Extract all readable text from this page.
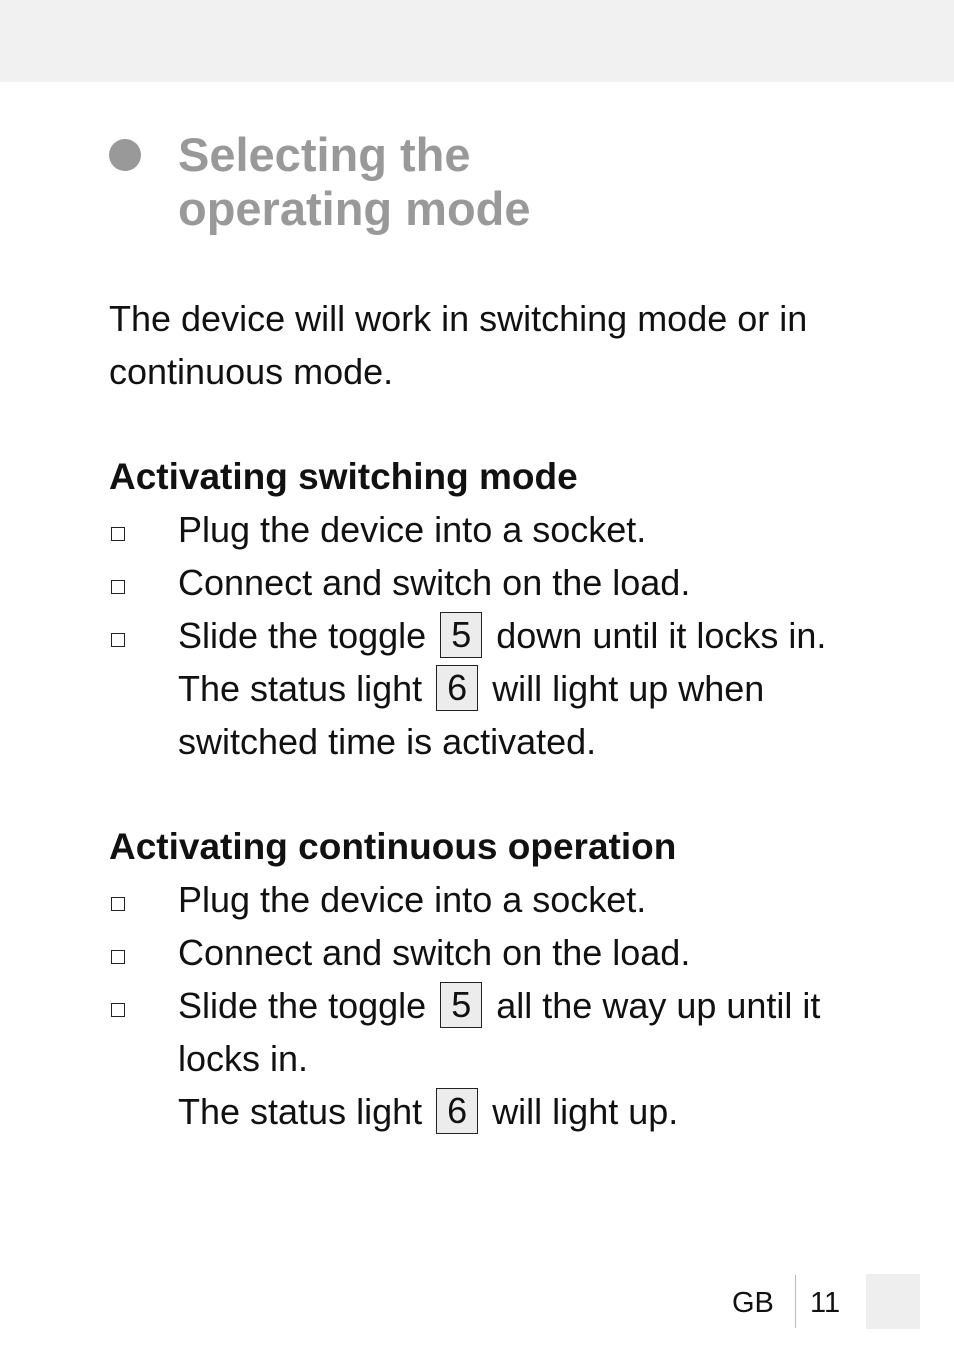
Selecting the
operating mode

The device will work in switching mode or in continuous mode.

Activating switching mode
Plug the device into a socket.
Connect and switch on the load.
Slide the toggle 5 down until it locks in.
The status light 6 will light up when switched time is activated.
Activating continuous operation
Plug the device into a socket.
Connect and switch on the load.
Slide the toggle 5 all the way up until it locks in.
The status light 6 will light up.
GB 11
